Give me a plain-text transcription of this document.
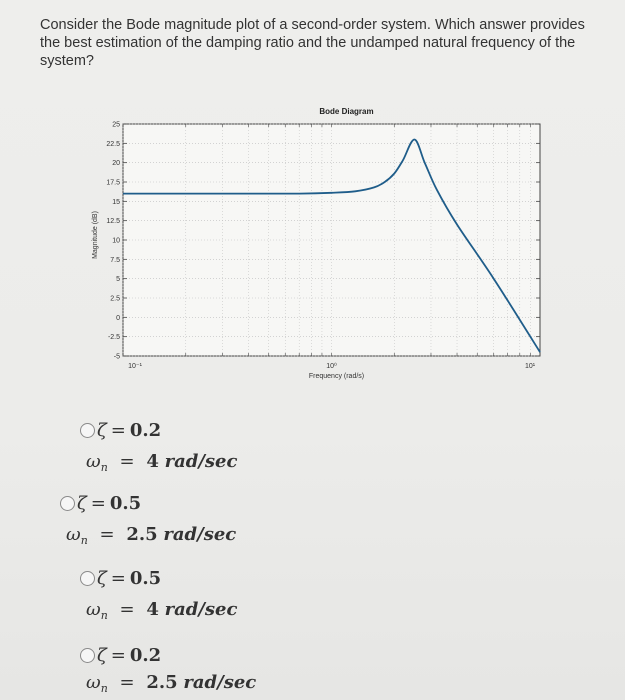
Consider the Bode magnitude plot of a second-order system. Which answer provides the best estimation of the damping ratio and the undamped natural frequency of the system?
25
22.5
20
17.5
15
12.5
10
7.5
5
2.5
0
-2.5
-5
10⁻¹	10⁰	10¹
Bode Diagram
Frequency (rad/s)
Magnitude (dB)
ζ = 0.2
$\omega_n = 4$ rad/sec
ζ = 0.5
$\omega_n = 2.5$ rad/sec
ζ = 0.5
$\omega_n = 4$ rad/sec
ζ = 0.2
$\omega_n = 2.5$ rad/sec
